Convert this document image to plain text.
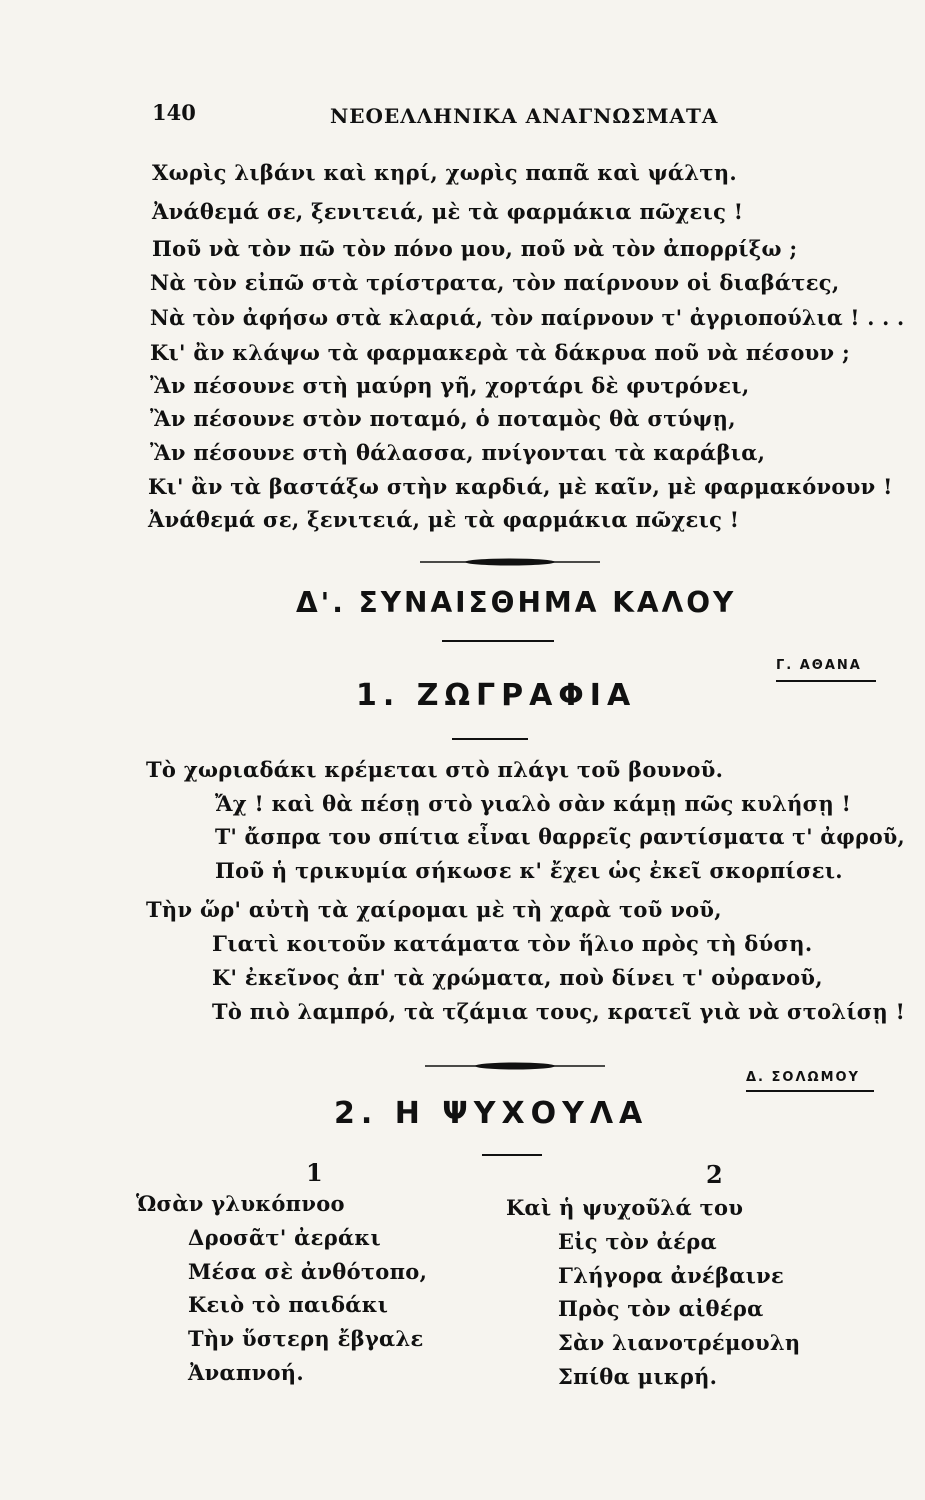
140	ΝΕΟΕΛΛΗΝΙΚΑ ΑΝΑΓΝΩΣΜΑΤΑ
Χωρὶς λιβάνι καὶ κηρί, χωρὶς παπᾶ καὶ ψάλτη.
Ἀνάθεμά σε, ξενιτειά, μὲ τὰ φαρμάκια πῶχεις !
Ποῦ νὰ τὸν πῶ τὸν πόνο μου, ποῦ νὰ τὸν ἀπορρίξω ;
Νὰ τὸν εἰπῶ στὰ τρίστρατα, τὸν παίρνουν οἱ διαβάτες,
Νὰ τὸν ἀφήσω στὰ κλαριά, τὸν παίρνουν τ' ἀγριοπούλια ! . . .
Κι' ἂν κλάψω τὰ φαρμακερὰ τὰ δάκρυα ποῦ νὰ πέσουν ;
Ἂν πέσουνε στὴ μαύρη γῆ, χορτάρι δὲ φυτρόνει,
Ἂν πέσουνε στὸν ποταμό, ὁ ποταμὸς θὰ στύψῃ,
Ἂν πέσουνε στὴ θάλασσα, πνίγονται τὰ καράβια,
Κι' ἂν τὰ βαστάξω στὴν καρδιά, μὲ καῖν, μὲ φαρμακόνουν !
Ἀνάθεμά σε, ξενιτειά, μὲ τὰ φαρμάκια πῶχεις !
Δ'. ΣΥΝΑΙΣΘΗΜΑ ΚΑΛΟΥ
Γ. ΑΘΑΝΑ
1. ΖΩΓΡΑΦΙΑ
Τὸ χωριαδάκι κρέμεται στὸ πλάγι τοῦ βουνοῦ.
Ἄχ ! καὶ θὰ πέσῃ στὸ γιαλὸ σὰν κάμῃ πῶς κυλήσῃ !
Τ' ἄσπρα του σπίτια εἶναι θαρρεῖς ραντίσματα τ' ἀφροῦ,
Ποῦ ἡ τρικυμία σήκωσε κ' ἔχει ὡς ἐκεῖ σκορπίσει.
Τὴν ὥρ' αὐτὴ τὰ χαίρομαι μὲ τὴ χαρὰ τοῦ νοῦ,
Γιατὶ κοιτοῦν κατάματα τὸν ἥλιο πρὸς τὴ δύση.
Κ' ἐκεῖνος ἀπ' τὰ χρώματα, ποὺ δίνει τ' οὐρανοῦ,
Τὸ πιὸ λαμπρό, τὰ τζάμια τους, κρατεῖ γιὰ νὰ στολίσῃ !
Δ. ΣΟΛΩΜΟΥ
2. Η ΨΥΧΟΥΛΑ
1	2
Ὡσὰν γλυκόπνοο
Δροσᾶτ' ἀεράκι
Μέσα σὲ ἀνθότοπο,
Κειὸ τὸ παιδάκι
Τὴν ὕστερη ἔβγαλε
Ἀναπνοή.
Καὶ ἡ ψυχοῦλά του
Εἰς τὸν ἀέρα
Γλήγορα ἀνέβαινε
Πρὸς τὸν αἰθέρα
Σὰν λιανοτρέμουλη
Σπίθα μικρή.
